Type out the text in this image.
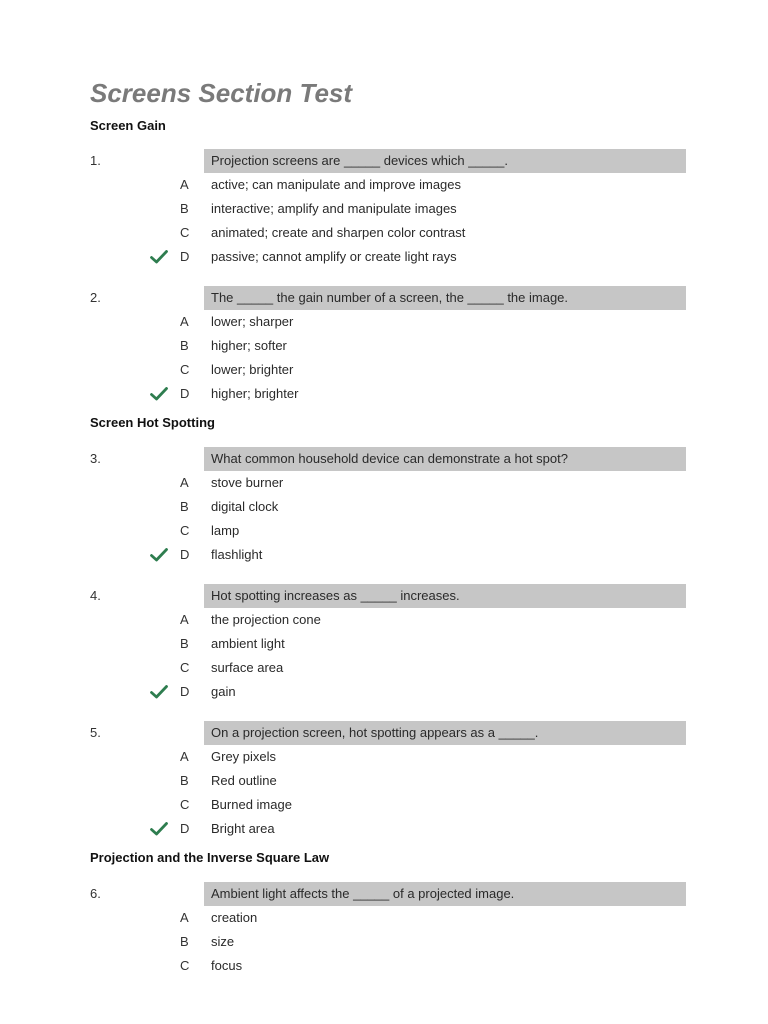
Screens Section Test
Screen Gain
1.	Projection screens are _____ devices which _____.
A active; can manipulate and improve images
B interactive; amplify and manipulate images
C animated; create and sharpen color contrast
D passive; cannot amplify or create light rays
2.	The _____ the gain number of a screen, the _____ the image.
A lower; sharper
B higher; softer
C lower; brighter
D higher; brighter
Screen Hot Spotting
3.	What common household device can demonstrate a hot spot?
A stove burner
B digital clock
C lamp
D flashlight
4.	Hot spotting increases as _____ increases.
A the projection cone
B ambient light
C surface area
D gain
5.	On a projection screen, hot spotting appears as a _____.
A Grey pixels
B Red outline
C Burned image
D Bright area
Projection and the Inverse Square Law
6.	Ambient light affects the _____ of a projected image.
A creation
B size
C focus
